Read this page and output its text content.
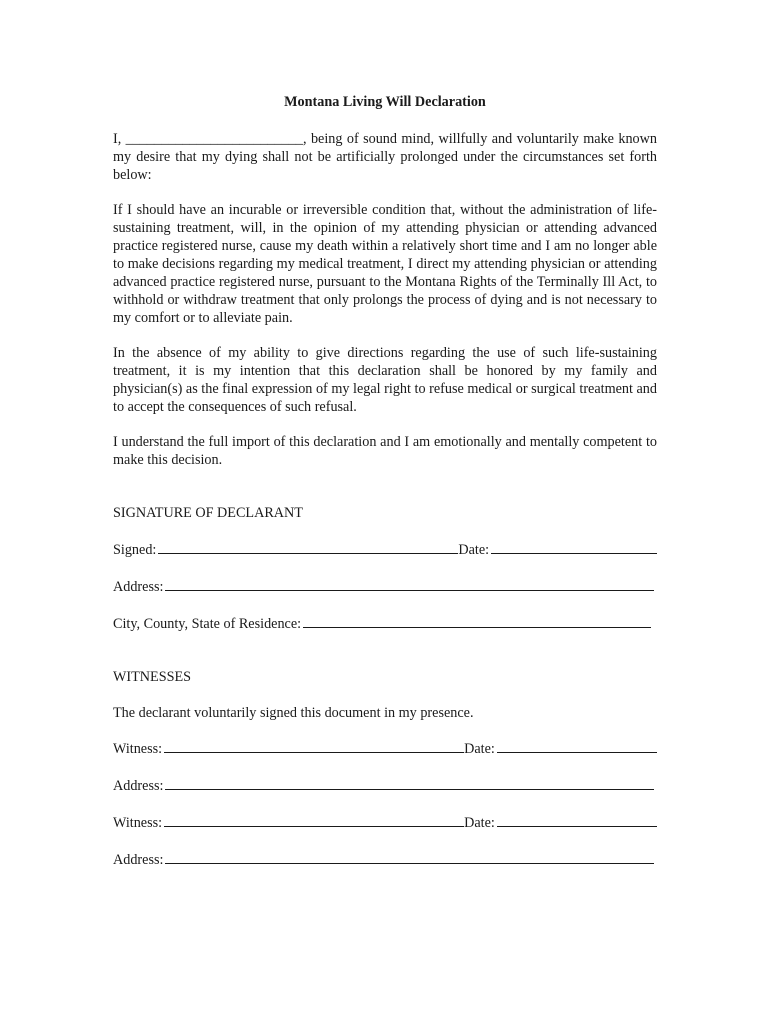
Montana Living Will Declaration

I, _________________________, being of sound mind, willfully and voluntarily make known my desire that my dying shall not be artificially prolonged under the circumstances set forth below:

If I should have an incurable or irreversible condition that, without the administration of life-sustaining treatment, will, in the opinion of my attending physician or attending advanced practice registered nurse, cause my death within a relatively short time and I am no longer able to make decisions regarding my medical treatment, I direct my attending physician or attending advanced practice registered nurse, pursuant to the Montana Rights of the Terminally Ill Act, to withhold or withdraw treatment that only prolongs the process of dying and is not necessary to my comfort or to alleviate pain.

In the absence of my ability to give directions regarding the use of such life-sustaining treatment, it is my intention that this declaration shall be honored by my family and physician(s) as the final expression of my legal right to refuse medical or surgical treatment and to accept the consequences of such refusal.

I understand the full import of this declaration and I am emotionally and mentally competent to make this decision.

SIGNATURE OF DECLARANT

Signed:	Date:
Address:
City, County, State of Residence:

WITNESSES

The declarant voluntarily signed this document in my presence.

Witness:	Date:
Address:
Witness:	Date:
Address:
